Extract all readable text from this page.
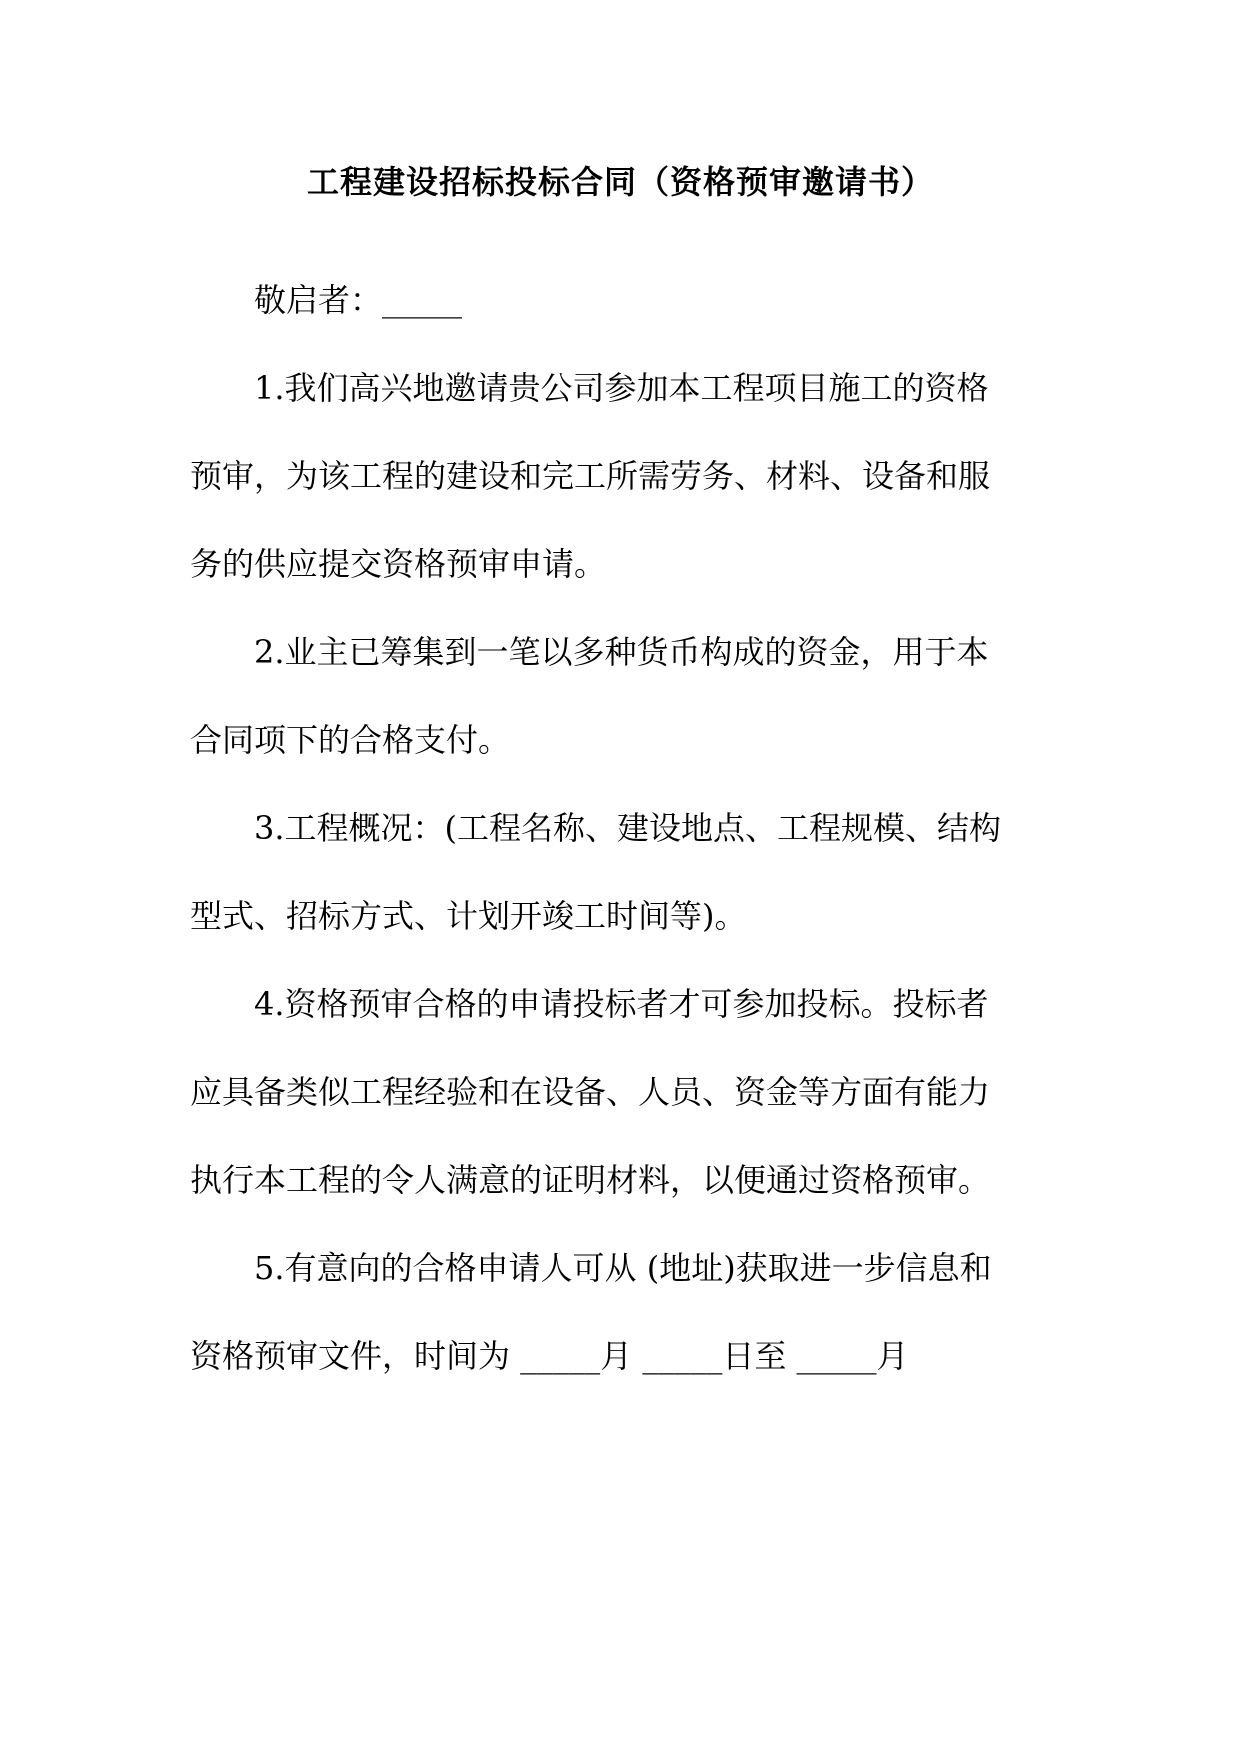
工程建设招标投标合同（资格预审邀请书）

敬启者：_____

1.我们高兴地邀请贵公司参加本工程项目施工的资格

预审，为该工程的建设和完工所需劳务、材料、设备和服

务的供应提交资格预审申请。

2.业主已筹集到一笔以多种货币构成的资金，用于本

合同项下的合格支付。

3.工程概况：(工程名称、建设地点、工程规模、结构

型式、招标方式、计划开竣工时间等)。

4.资格预审合格的申请投标者才可参加投标。投标者

应具备类似工程经验和在设备、人员、资金等方面有能力

执行本工程的令人满意的证明材料，以便通过资格预审。

5.有意向的合格申请人可从 (地址)获取进一步信息和

资格预审文件，时间为 _____月 _____日至 _____月
